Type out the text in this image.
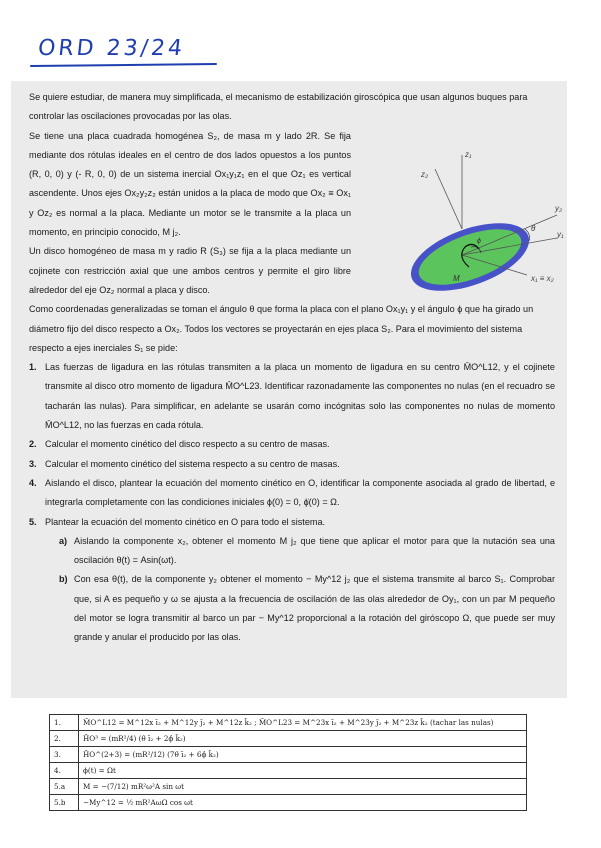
ORD 23/24
z₁
z₂
y₂
y₁
x₁ ≡ x₂
θ
ϕ
M

Se quiere estudiar, de manera muy simplificada, el mecanismo de estabilización giroscópica que usan algunos buques para controlar las oscilaciones provocadas por las olas.

Se tiene una placa cuadrada homogénea S₂, de masa m y lado 2R. Se fija mediante dos rótulas ideales en el centro de dos lados opuestos a los puntos (R, 0, 0) y (- R, 0, 0) de un sistema inercial Ox₁y₁z₁ en el que Oz₁ es vertical ascendente. Unos ejes Ox₂y₂z₂ están unidos a la placa de modo que Ox₂ ≡ Ox₁ y Oz₂ es normal a la placa. Mediante un motor se le transmite a la placa un momento, en principio conocido, M j₂.

Un disco homogéneo de masa m y radio R (S₃) se fija a la placa mediante un cojinete con restricción axial que une ambos centros y permite el giro libre alrededor del eje Oz₂ normal a placa y disco.

Como coordenadas generalizadas se toman el ángulo θ que forma la placa con el plano Ox₁y₁ y el ángulo ϕ que ha girado un diámetro fijo del disco respecto a Ox₂. Todos los vectores se proyectarán en ejes placa S₂. Para el movimiento del sistema respecto a ejes inerciales S₁ se pide:

1. Las fuerzas de ligadura en las rótulas transmiten a la placa un momento de ligadura en su centro M̄O^L12, y el cojinete transmite al disco otro momento de ligadura M̄O^L23. Identificar razonadamente las componentes no nulas (en el recuadro se tacharán las nulas). Para simplificar, en adelante se usarán como incógnitas solo las componentes no nulas de momento M̄O^L12, no las fuerzas en cada rótula.
2. Calcular el momento cinético del disco respecto a su centro de masas.
3. Calcular el momento cinético del sistema respecto a su centro de masas.
4. Aislando el disco, plantear la ecuación del momento cinético en O, identificar la componente asociada al grado de libertad, e integrarla completamente con las condiciones iniciales ϕ(0) = 0, ϕ̇(0) = Ω.
5. Plantear la ecuación del momento cinético en O para todo el sistema.
a) Aislando la componente x₂, obtener el momento M j₂ que tiene que aplicar el motor para que la nutación sea una oscilación θ(t) = Asin(ωt).
b) Con esa θ(t), de la componente y₂ obtener el momento − My^12 j₂ que el sistema transmite al barco S₁. Comprobar que, si A es pequeño y ω se ajusta a la frecuencia de oscilación de las olas alrededor de Oy₁, con un par M pequeño del motor se logra transmitir al barco un par − My^12 proporcional a la rotación del giróscopo Ω, que puede ser muy grande y anular el producido por las olas.
1.	M̄O^L12 = M^12x ī₂ + M^12y j̄₂ + M^12z k̄₂ ; M̄O^L23 = M^23x ī₂ + M^23y j̄₂ + M^23z k̄₂ (tachar las nulas)
2.	H̄O³ = (mR²/4) (θ̇ ī₂ + 2ϕ̇ k̄₂)
3.	H̄O^(2+3) = (mR²/12) (7θ̇ ī₂ + 6ϕ̇ k̄₂)
4.	ϕ(t) = Ωt
5.a	M = −(7/12) mR²ω²A sin ωt
5.b	−My^12 = ½ mR²AωΩ cos ωt
